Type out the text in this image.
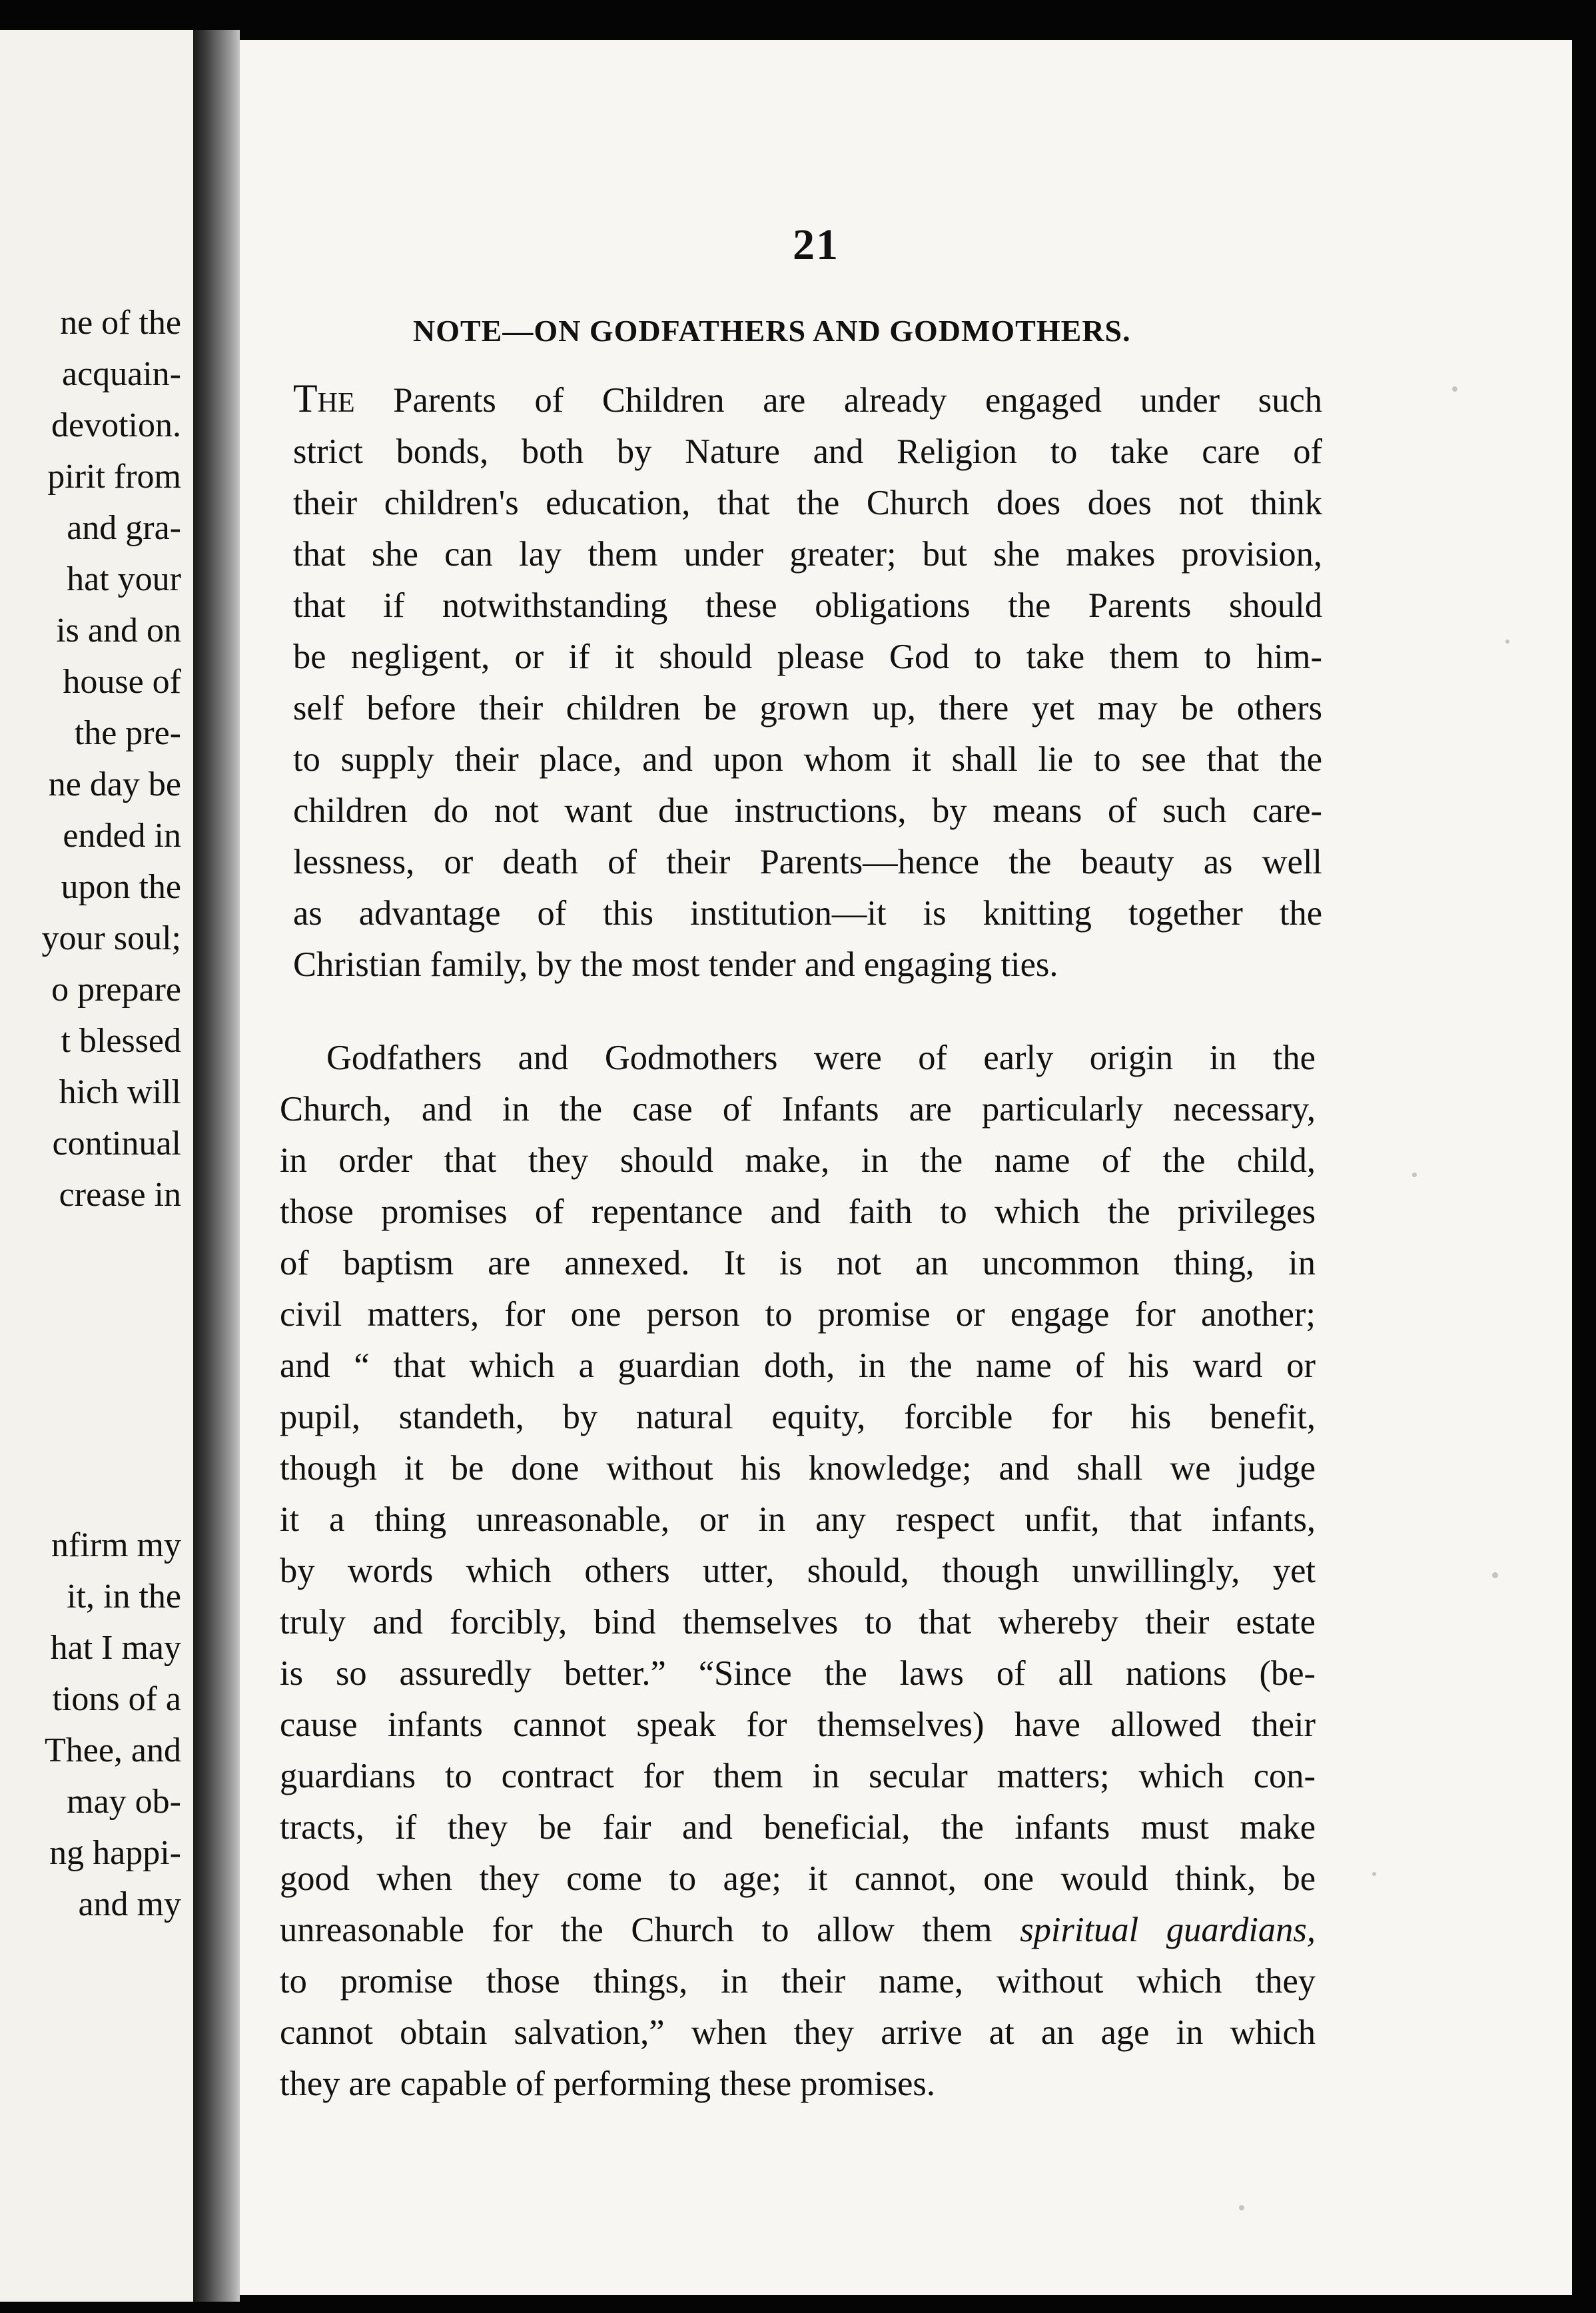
ne of the
acquain-
devotion.
pirit from
and gra-
hat your
is and on
house of
the pre-
ne day be
ended in
upon the
your soul;
o prepare
t blessed
hich will
continual
crease in
nfirm my
it, in the
hat I may
tions of a
Thee, and
may ob-
ng happi-
and my
21
NOTE—ON GODFATHERS AND GODMOTHERS.
The Parents of Children are already engaged under such
strict bonds, both by Nature and Religion to take care of
their children's education, that the Church does does not think
that she can lay them under greater; but she makes provision,
that if notwithstanding these obligations the Parents should
be negligent, or if it should please God to take them to him-
self before their children be grown up, there yet may be others
to supply their place, and upon whom it shall lie to see that the
children do not want due instructions, by means of such care-
lessness, or death of their Parents—hence the beauty as well
as advantage of this institution—it is knitting together the
Christian family, by the most tender and engaging ties.
Godfathers and Godmothers were of early origin in the
Church, and in the case of Infants are particularly necessary,
in order that they should make, in the name of the child,
those promises of repentance and faith to which the privileges
of baptism are annexed. It is not an uncommon thing, in
civil matters, for one person to promise or engage for another;
and “ that which a guardian doth, in the name of his ward or
pupil, standeth, by natural equity, forcible for his benefit,
though it be done without his knowledge; and shall we judge
it a thing unreasonable, or in any respect unfit, that infants,
by words which others utter, should, though unwillingly, yet
truly and forcibly, bind themselves to that whereby their estate
is so assuredly better.” “Since the laws of all nations (be-
cause infants cannot speak for themselves) have allowed their
guardians to contract for them in secular matters; which con-
tracts, if they be fair and beneficial, the infants must make
good when they come to age; it cannot, one would think, be
unreasonable for the Church to allow them spiritual guardians,
to promise those things, in their name, without which they
cannot obtain salvation,” when they arrive at an age in which
they are capable of performing these promises.
